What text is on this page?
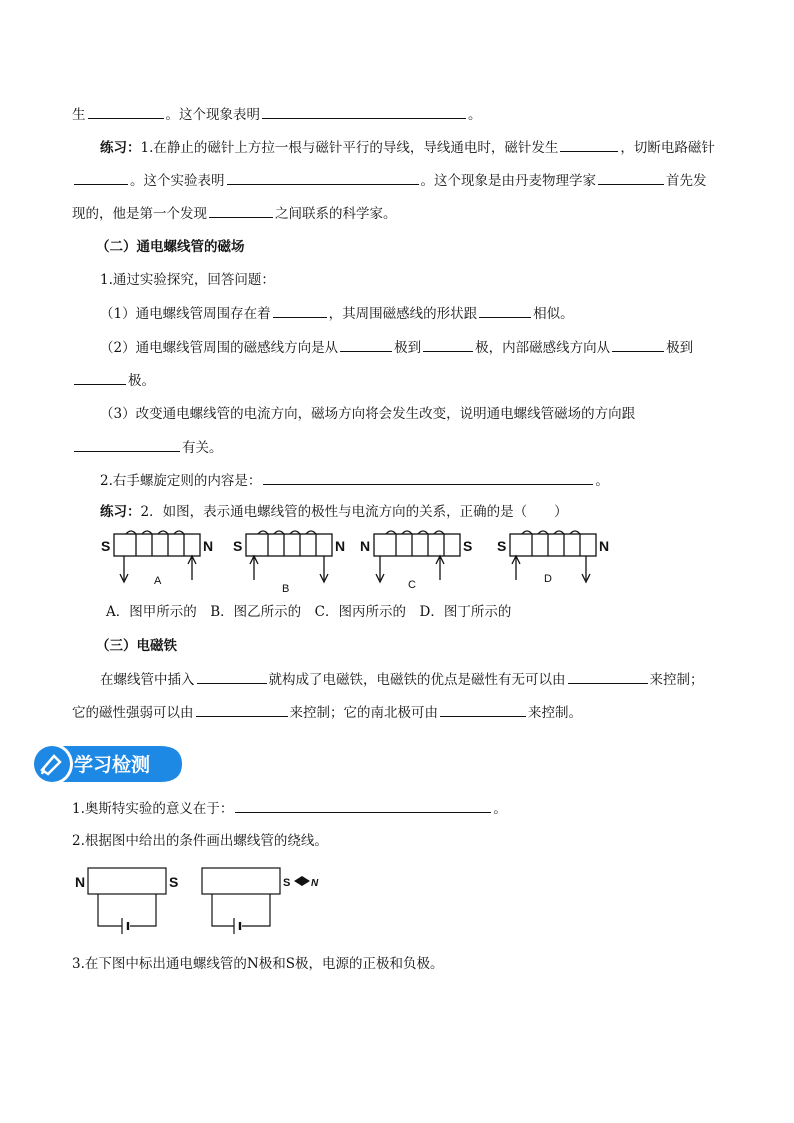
生	。这个现象表明	。
练习：1.在静止的磁针上方拉一根与磁针平行的导线，导线通电时，磁针发生	，切断电路磁针
。这个实验表明	。这个现象是由丹麦物理学家	首先发
现的，他是第一个发现	之间联系的科学家。
（二）通电螺线管的磁场
1.通过实验探究，回答问题：
（1）通电螺线管周围存在着	，其周围磁感线的形状跟	相似。
（2）通电螺线管周围的磁感线方向是从	极到	极，内部磁感线方向从	极到
极。
（3）改变通电螺线管的电流方向，磁场方向将会发生改变，说明通电螺线管磁场的方向跟
有关。
2.右手螺旋定则的内容是：	。
练习：2．如图，表示通电螺线管的极性与电流方向的关系，正确的是（　　）
S	N S	N N	S S	N
A
B	C	D
A．图甲所示的　B．图乙所示的　C．图丙所示的　D．图丁所示的
（三）电磁铁
在螺线管中插入	就构成了电磁铁，电磁铁的优点是磁性有无可以由	来控制；
它的磁性强弱可以由	来控制；它的南北极可由	来控制。
学习检测
1.奥斯特实验的意义在于：	。
2.根据图中给出的条件画出螺线管的绕线。
N	S	S N
3.在下图中标出通电螺线管的N极和S极，电源的正极和负极。
